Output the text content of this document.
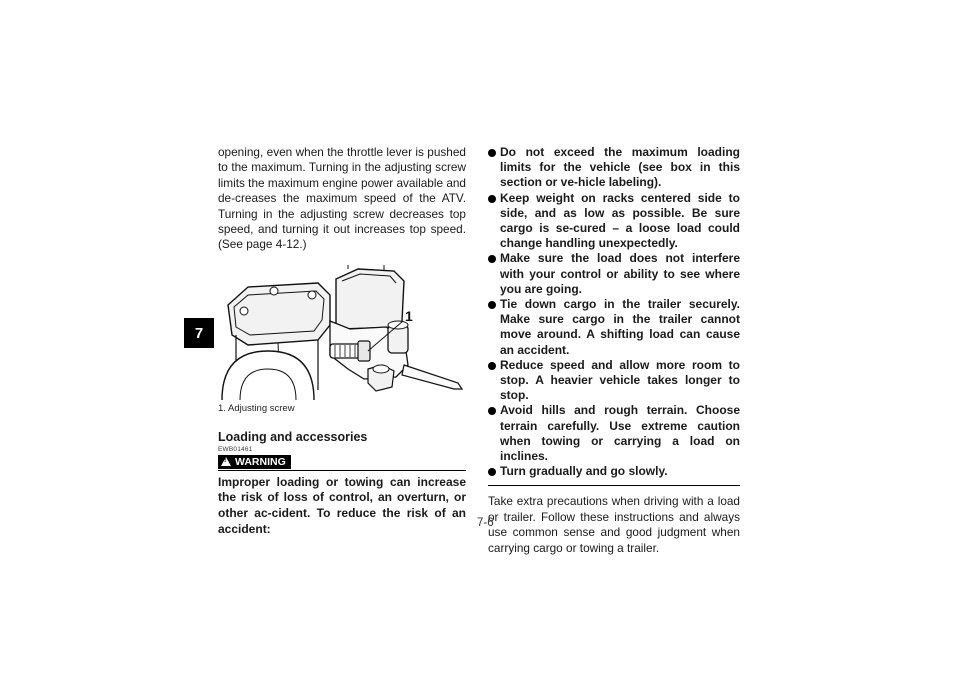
7

opening, even when the throttle lever is pushed to the maximum. Turning in the adjusting screw limits the maximum engine power available and de-creases the maximum speed of the ATV. Turning in the adjusting screw decreases top speed, and turning it out increases top speed. (See page 4-12.)

1
1. Adjusting screw
Loading and accessories
EWB01461
!
WARNING

Improper loading or towing can increase the risk of loss of control, an overturn, or other ac-cident. To reduce the risk of an accident:

Do not exceed the maximum loading limits for the vehicle (see box in this section or ve-hicle labeling).
Keep weight on racks centered side to side, and as low as possible. Be sure cargo is se-cured – a loose load could change handling unexpectedly.
Make sure the load does not interfere with your control or ability to see where you are going.
Tie down cargo in the trailer securely. Make sure cargo in the trailer cannot move around. A shifting load can cause an accident.
Reduce speed and allow more room to stop. A heavier vehicle takes longer to stop.
Avoid hills and rough terrain. Choose terrain carefully. Use extreme caution when towing or carrying a load on inclines.
Turn gradually and go slowly.

Take extra precautions when driving with a load or trailer. Follow these instructions and always use common sense and good judgment when carrying cargo or towing a trailer.

7-6
